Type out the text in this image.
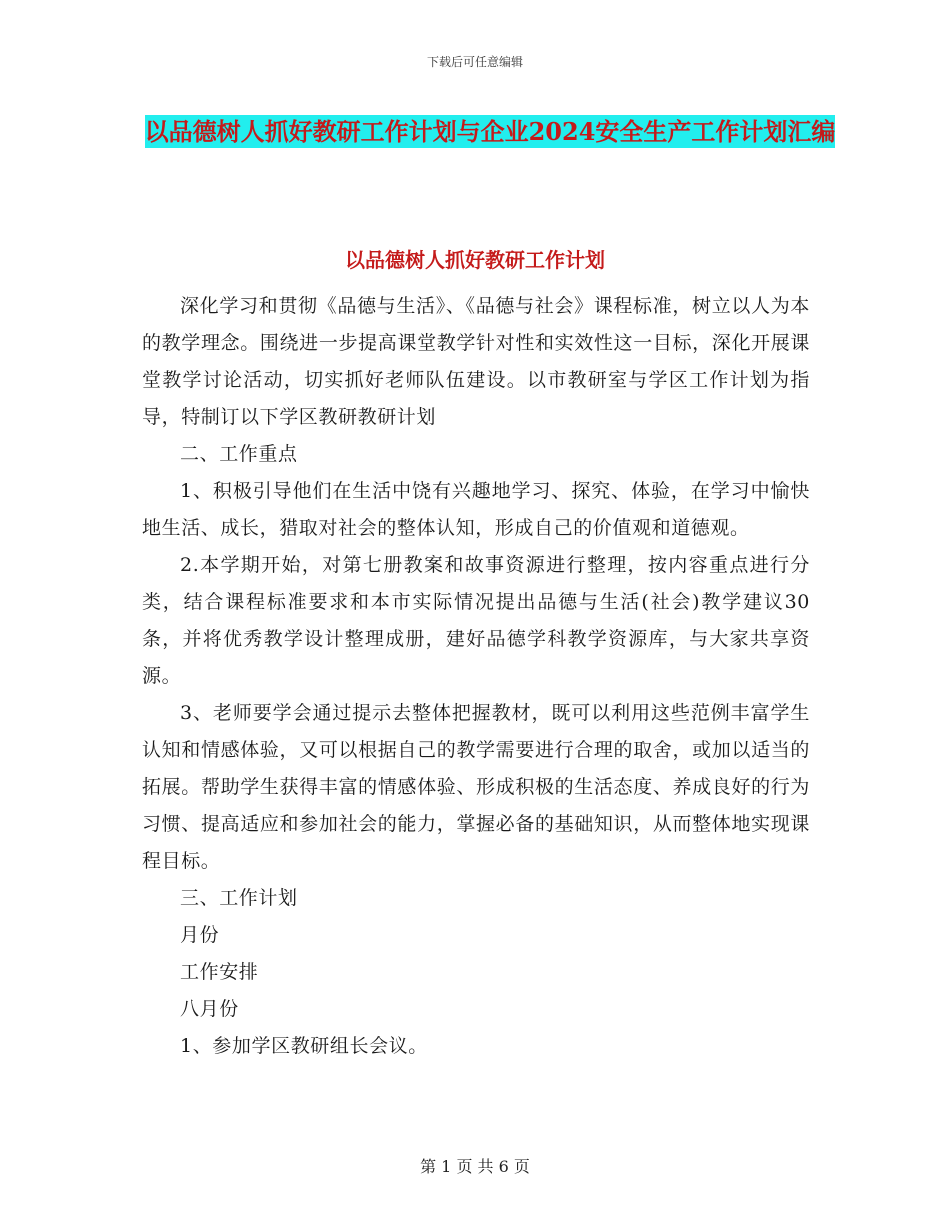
下载后可任意编辑
以品德树人抓好教研工作计划与企业2024安全生产工作计划汇编
以品德树人抓好教研工作计划

深化学习和贯彻《品德与生活》、《品德与社会》课程标准，树立以人为本的教学理念。围绕进一步提高课堂教学针对性和实效性这一目标，深化开展课堂教学讨论活动，切实抓好老师队伍建设。以市教研室与学区工作计划为指导，特制订以下学区教研教研计划

二、工作重点

1、积极引导他们在生活中饶有兴趣地学习、探究、体验，在学习中愉快地生活、成长，猎取对社会的整体认知，形成自己的价值观和道德观。

2.本学期开始，对第七册教案和故事资源进行整理，按内容重点进行分类，结合课程标准要求和本市实际情况提出品德与生活(社会)教学建议30条，并将优秀教学设计整理成册，建好品德学科教学资源库，与大家共享资源。

3、老师要学会通过提示去整体把握教材，既可以利用这些范例丰富学生认知和情感体验，又可以根据自己的教学需要进行合理的取舍，或加以适当的拓展。帮助学生获得丰富的情感体验、形成积极的生活态度、养成良好的行为习惯、提高适应和参加社会的能力，掌握必备的基础知识，从而整体地实现课程目标。

三、工作计划

月份

工作安排

八月份

1、参加学区教研组长会议。

第 1 页 共 6 页
